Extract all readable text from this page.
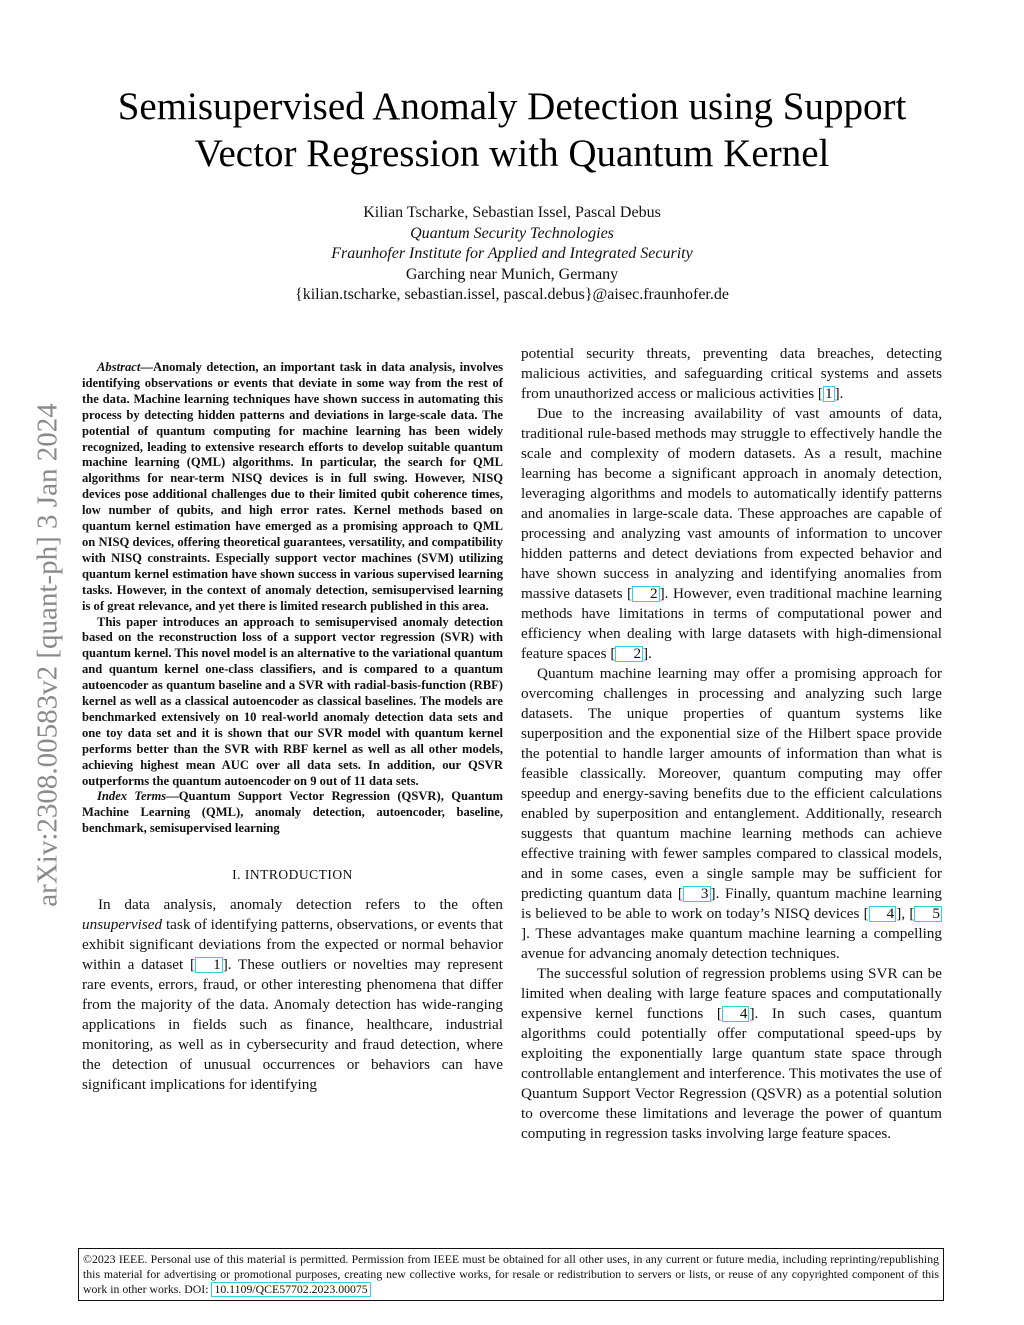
arXiv:2308.00583v2 [quant-ph] 3 Jan 2024
Semisupervised Anomaly Detection using Support
Vector Regression with Quantum Kernel
Kilian Tscharke, Sebastian Issel, Pascal Debus
Quantum Security Technologies
Fraunhofer Institute for Applied and Integrated Security
Garching near Munich, Germany
{kilian.tscharke, sebastian.issel, pascal.debus}@aisec.fraunhofer.de

Abstract—Anomaly detection, an important task in data analysis, involves identifying observations or events that deviate in some way from the rest of the data. Machine learning techniques have shown success in automating this process by detecting hidden patterns and deviations in large-scale data. The potential of quantum computing for machine learning has been widely recognized, leading to extensive research efforts to develop suitable quantum machine learning (QML) algorithms. In particular, the search for QML algorithms for near-term NISQ devices is in full swing. However, NISQ devices pose additional challenges due to their limited qubit coherence times, low number of qubits, and high error rates. Kernel methods based on quantum kernel estimation have emerged as a promising approach to QML on NISQ devices, offering theoretical guarantees, versatility, and compatibility with NISQ constraints. Especially support vector machines (SVM) utilizing quantum kernel estimation have shown success in various supervised learning tasks. However, in the context of anomaly detection, semisupervised learning is of great relevance, and yet there is limited research published in this area.

This paper introduces an approach to semisupervised anomaly detection based on the reconstruction loss of a support vector regression (SVR) with quantum kernel. This novel model is an alternative to the variational quantum and quantum kernel one-class classifiers, and is compared to a quantum autoencoder as quantum baseline and a SVR with radial-basis-function (RBF) kernel as well as a classical autoencoder as classical baselines. The models are benchmarked extensively on 10 real-world anomaly detection data sets and one toy data set and it is shown that our SVR model with quantum kernel performs better than the SVR with RBF kernel as well as all other models, achieving highest mean AUC over all data sets. In addition, our QSVR outperforms the quantum autoencoder on 9 out of 11 data sets.

Index Terms—Quantum Support Vector Regression (QSVR), Quantum Machine Learning (QML), anomaly detection, autoencoder, baseline, benchmark, semisupervised learning

I. INTRODUCTION

In data analysis, anomaly detection refers to the often unsupervised task of identifying patterns, observations, or events that exhibit significant deviations from the expected or normal behavior within a dataset [ 1 ]. These outliers or novelties may represent rare events, errors, fraud, or other interesting phenomena that differ from the majority of the data. Anomaly detection has wide-ranging applications in fields such as finance, healthcare, industrial monitoring, as well as in cybersecurity and fraud detection, where the detection of unusual occurrences or behaviors can have significant implications for identifying

potential security threats, preventing data breaches, detecting malicious activities, and safeguarding critical systems and assets from unauthorized access or malicious activities [ 1 ].

Due to the increasing availability of vast amounts of data, traditional rule-based methods may struggle to effectively handle the scale and complexity of modern datasets. As a result, machine learning has become a significant approach in anomaly detection, leveraging algorithms and models to automatically identify patterns and anomalies in large-scale data. These approaches are capable of processing and analyzing vast amounts of information to uncover hidden patterns and detect deviations from expected behavior and have shown success in analyzing and identifying anomalies from massive datasets [ 2 ]. However, even traditional machine learning methods have limitations in terms of computational power and efficiency when dealing with large datasets with high-dimensional feature spaces [ 2 ].

Quantum machine learning may offer a promising approach for overcoming challenges in processing and analyzing such large datasets. The unique properties of quantum systems like superposition and the exponential size of the Hilbert space provide the potential to handle larger amounts of information than what is feasible classically. Moreover, quantum computing may offer speedup and energy-saving benefits due to the efficient calculations enabled by superposition and entanglement. Additionally, research suggests that quantum machine learning methods can achieve effective training with fewer samples compared to classical models, and in some cases, even a single sample may be sufficient for predicting quantum data [ 3 ]. Finally, quantum machine learning is believed to be able to work on today’s NISQ devices [ 4 ], [ 5]. These advantages make quantum machine learning a compelling avenue for advancing anomaly detection techniques.

The successful solution of regression problems using SVR can be limited when dealing with large feature spaces and computationally expensive kernel functions [ 4 ]. In such cases, quantum algorithms could potentially offer computational speed-ups by exploiting the exponentially large quantum state space through controllable entanglement and interference. This motivates the use of Quantum Support Vector Regression (QSVR) as a potential solution to overcome these limitations and leverage the power of quantum computing in regression tasks involving large feature spaces.

©2023 IEEE. Personal use of this material is permitted. Permission from IEEE must be obtained for all other uses, in any current or future media, including reprinting/republishing this material for advertising or promotional purposes, creating new collective works, for resale or redistribution to servers or lists, or reuse of any copyrighted component of this work in other works. DOI: 10.1109/QCE57702.2023.00075
